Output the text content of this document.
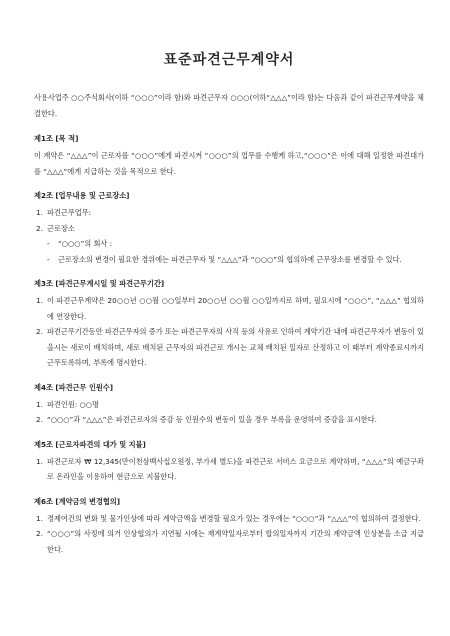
표준파견근무계약서

사용사업주 ○○주식회사(이하 “○○○”이라 함)와 파견근무자 ○○○(이하“△△△”이라 함)는 다음과 같이 파견근무계약을 체결한다.

제1조 [목 적]
이 계약은 “△△△”이 근로자를 “○○○”에게 파견시켜 “○○○”의 업무를 수행케 하고,“○○○”은 이에 대해 일정한 파견대가를 “△△△”에게 지급하는 것을 목적으로 한다.
제2조 [업무내용 및 근로장소]
1. 파견근무업무:
2. 근로장소
-	“○○○”의 회사 :
-	근로장소의 변경이 필요한 경위에는 파견근무자 및 “△△△”과 “○○○”의 협의하에 근무장소를 변경할 수 있다.
제3조 [파견근무계시일 및 파견근무기간]
1. 이 파견근무계약은 20○○년 ○○월 ○○일부터 20○○년 ○○월 ○○일까지로 하며, 필요시에 “○○○”, “△△△” 협의하에 연장한다.
2. 파견근무기간동안 파견근무자의 증가 또는 파견근무자의 사직 등의 사유로 인하여 계약기간 내에 파견근무자가 변동이 있을시는 새로이 배치하며, 새로 배치된 근무자의 파견근로 개시는 교체 배치된 일자로 산정하고 이 때부터 계약종료시까지 근무토록하며, 부록에 명시한다.
제4조 [파견근무 인원수]
1. 파견인원: ○○명
2. “○○○”과 “△△△”은 파견근로자의 증감 등 인원수의 변동이 있을 경우 부록을 운영하여 증감을 표시한다.
제5조 [근로자파견의 대가 및 지불]
1. 파견근로자 ₩ 12,345(만이천삼백사십오원정, 부가세 별도)을 파견근로 서비스 요금으로 계약하며, “△△△”의 예금구좌로 온라인을 이용하여 현금으로 지불한다.
제6조 [계약금의 변경협의]
1. 경제여건의 변화 및 물가인상에 따라 계약금액을 변경할 필요가 있는 경우에는 “○○○”과 “△△△”이 협의하여 결정한다.
2. “○○○”의 사정에 의거 인상협의가 지연될 시에는 재계약일자로부터 합의일자까지 기간의 계약금액 인상분을 소급 지급한다.
